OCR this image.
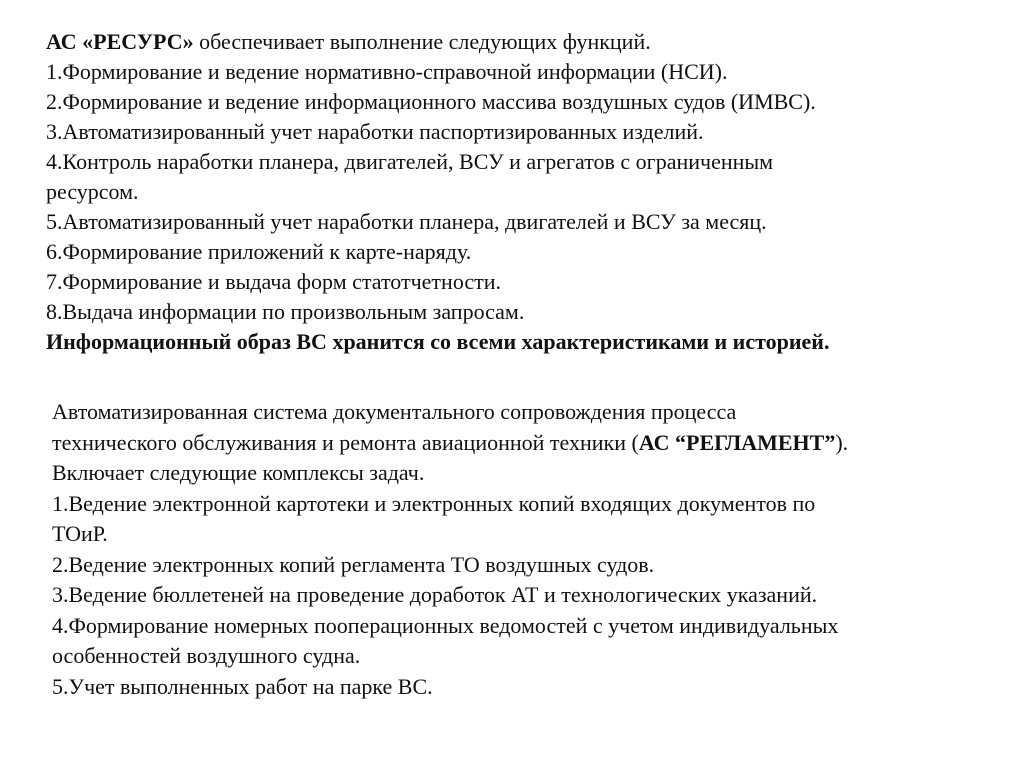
АС «РЕСУРС» обеспечивает выполнение следующих функций.
1.Формирование и ведение нормативно-справочной информации (НСИ).
2.Формирование и ведение информационного массива воздушных судов (ИМВС).
3.Автоматизированный учет наработки паспортизированных изделий.
4.Контроль наработки планера, двигателей, ВСУ и агрегатов с ограниченным
ресурсом.
5.Автоматизированный учет наработки планера, двигателей и ВСУ за месяц.
6.Формирование приложений к карте-наряду.
7.Формирование и выдача форм статотчетности.
8.Выдача информации по произвольным запросам.
Информационный образ ВС хранится со всеми характеристиками и историей.
Автоматизированная система документального сопровождения процесса
технического обслуживания и ремонта авиационной техники (АС “РЕГЛАМЕНТ”).
Включает следующие комплексы задач.
1.Ведение электронной картотеки и электронных копий входящих документов по
ТОиР.
2.Ведение электронных копий регламента ТО воздушных судов.
3.Ведение бюллетеней на проведение доработок АТ и технологических указаний.
4.Формирование номерных пооперационных ведомостей с учетом индивидуальных
особенностей воздушного судна.
5.Учет выполненных работ на парке ВС.
